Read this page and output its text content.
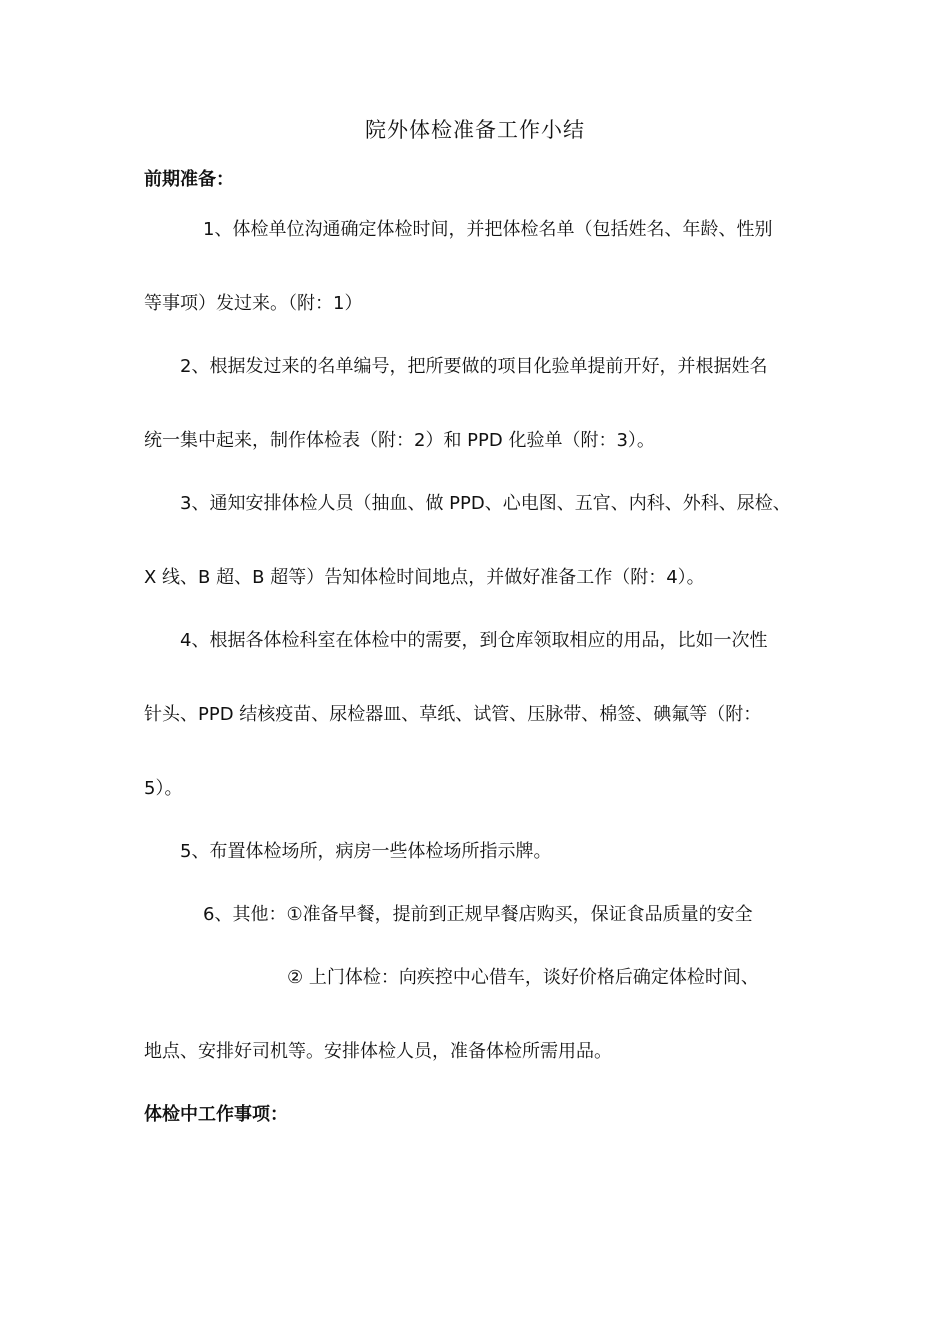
院外体检准备工作小结
前期准备：
1、体检单位沟通确定体检时间，并把体检名单（包括姓名、年龄、性别
等事项）发过来。（附：1）
2、根据发过来的名单编号，把所要做的项目化验单提前开好，并根据姓名
统一集中起来，制作体检表（附：2）和 PPD 化验单（附：3）。
3、通知安排体检人员（抽血、做 PPD、心电图、五官、内科、外科、尿检、
X 线、B 超、B 超等）告知体检时间地点，并做好准备工作（附：4）。
4、根据各体检科室在体检中的需要，到仓库领取相应的用品，比如一次性
针头、PPD 结核疫苗、尿检器皿、草纸、试管、压脉带、棉签、碘氟等（附：
5）。
5、布置体检场所，病房一些体检场所指示牌。
6、其他：①准备早餐，提前到正规早餐店购买，保证食品质量的安全
② 上门体检：向疾控中心借车，谈好价格后确定体检时间、
地点、安排好司机等。安排体检人员，准备体检所需用品。
体检中工作事项：
